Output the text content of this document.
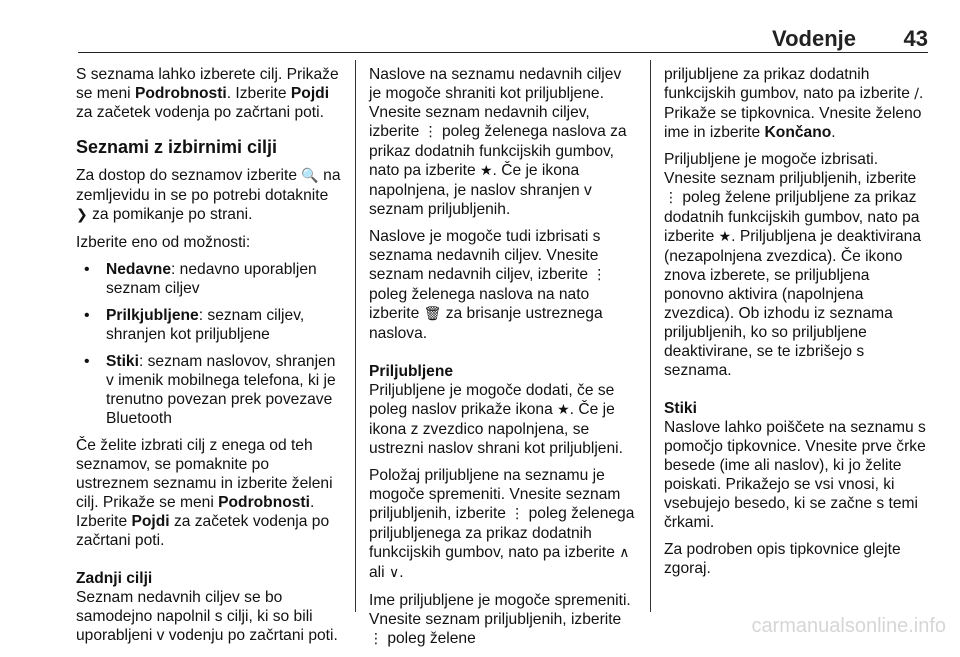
Vodenje 43

S seznama lahko izberete cilj. Prikaže se meni Podrobnosti. Izberite Pojdi za začetek vodenja po začrtani poti.

Seznami z izbirnimi cilji

Za dostop do seznamov izberite 🔍 na zemljevidu in se po potrebi dotaknite ❯ za pomikanje po strani.

Izberite eno od možnosti:

• Nedavne: nedavno uporabljen seznam ciljev
• Prilkjubljene: seznam ciljev, shranjen kot priljubljene
• Stiki: seznam naslovov, shranjen v imenik mobilnega telefona, ki je trenutno povezan prek povezave Bluetooth

Če želite izbrati cilj z enega od teh seznamov, se pomaknite po ustreznem seznamu in izberite želeni cilj. Prikaže se meni Podrobnosti. Izberite Pojdi za začetek vodenja po začrtani poti.

Zadnji cilji

Seznam nedavnih ciljev se bo samodejno napolnil s cilji, ki so bili uporabljeni v vodenju po začrtani poti.

Naslove na seznamu nedavnih ciljev je mogoče shraniti kot priljubljene. Vnesite seznam nedavnih ciljev, izberite ⋮ poleg želenega naslova za prikaz dodatnih funkcijskih gumbov, nato pa izberite ★. Če je ikona napolnjena, je naslov shranjen v seznam priljubljenih.

Naslove je mogoče tudi izbrisati s seznama nedavnih ciljev. Vnesite seznam nedavnih ciljev, izberite ⋮ poleg želenega naslova na nato izberite 🗑 za brisanje ustreznega naslova.

Priljubljene

Priljubljene je mogoče dodati, če se poleg naslov prikaže ikona ★. Če je ikona z zvezdico napolnjena, se ustrezni naslov shrani kot priljubljeni.

Položaj priljubljene na seznamu je mogoče spremeniti. Vnesite seznam priljubljenih, izberite ⋮ poleg želenega priljubljenega za prikaz dodatnih funkcijskih gumbov, nato pa izberite ∧ ali ∨.

Ime priljubljene je mogoče spremeniti. Vnesite seznam priljubljenih, izberite ⋮ poleg želene

priljubljene za prikaz dodatnih funkcijskih gumbov, nato pa izberite ∕. Prikaže se tipkovnica. Vnesite želeno ime in izberite Končano.

Priljubljene je mogoče izbrisati. Vnesite seznam priljubljenih, izberite ⋮ poleg želene priljubljene za prikaz dodatnih funkcijskih gumbov, nato pa izberite ★. Priljubljena je deaktivirana (nezapolnjena zvezdica). Če ikono znova izberete, se priljubljena ponovno aktivira (napolnjena zvezdica). Ob izhodu iz seznama priljubljenih, ko so priljubljene deaktivirane, se te izbrišejo s seznama.

Stiki

Naslove lahko poiščete na seznamu s pomočjo tipkovnice. Vnesite prve črke besede (ime ali naslov), ki jo želite poiskati. Prikažejo se vsi vnosi, ki vsebujejo besedo, ki se začne s temi črkami.

Za podroben opis tipkovnice glejte zgoraj.

carmanualsonline.info
